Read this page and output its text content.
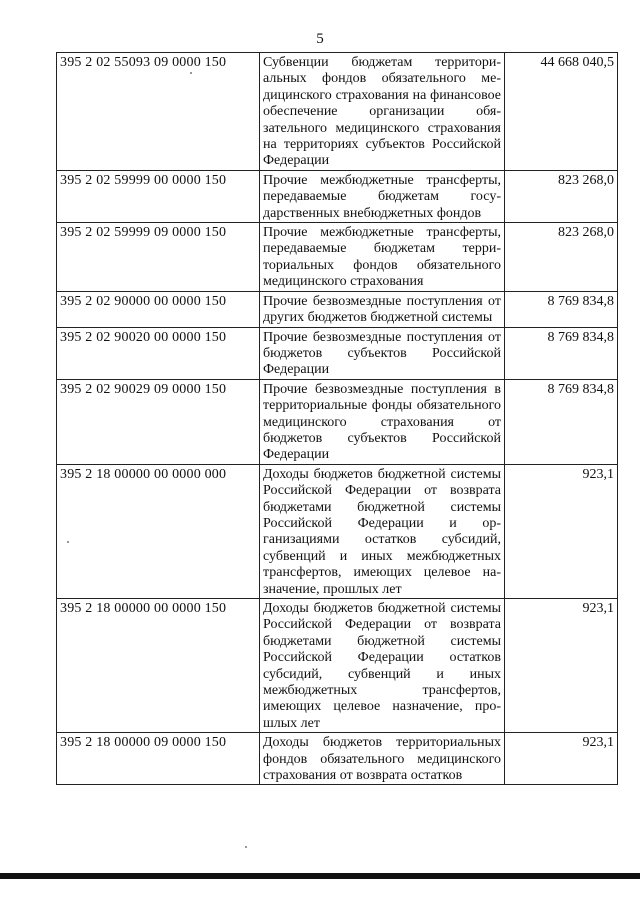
5
395 2 02 55093 09 0000 150	Субвенции бюджетам территориальных фондов обязательного медицинского страхования на финансовое обеспечение организации обязательного медицинского страхования на территориях субъектов Российской Федерации	44 668 040,5
395 2 02 59999 00 0000 150	Прочие межбюджетные трансферты, передаваемые бюджетам государственных внебюджетных фондов	823 268,0
395 2 02 59999 09 0000 150	Прочие межбюджетные трансферты, передаваемые бюджетам территориальных фондов обязательного медицинского страхования	823 268,0
395 2 02 90000 00 0000 150	Прочие безвозмездные поступления от других бюджетов бюджетной системы	8 769 834,8
395 2 02 90020 00 0000 150	Прочие безвозмездные поступления от бюджетов субъектов Российской Федерации	8 769 834,8
395 2 02 90029 09 0000 150	Прочие безвозмездные поступления в территориальные фонды обязательного медицинского страхования от бюджетов субъектов Российской Федерации	8 769 834,8
395 2 18 00000 00 0000 000	Доходы бюджетов бюджетной системы Российской Федерации от возврата бюджетами бюджетной системы Российской Федерации и организациями остатков субсидий, субвенций и иных межбюджетных трансфертов, имеющих целевое назначение, прошлых лет	923,1
395 2 18 00000 00 0000 150	Доходы бюджетов бюджетной системы Российской Федерации от возврата бюджетами бюджетной системы Российской Федерации остатков субсидий, субвенций и иных межбюджетных трансфертов, имеющих целевое назначение, прошлых лет	923,1
395 2 18 00000 09 0000 150	Доходы бюджетов территориальных фондов обязательного медицинского страхования от возврата остатков	923,1
